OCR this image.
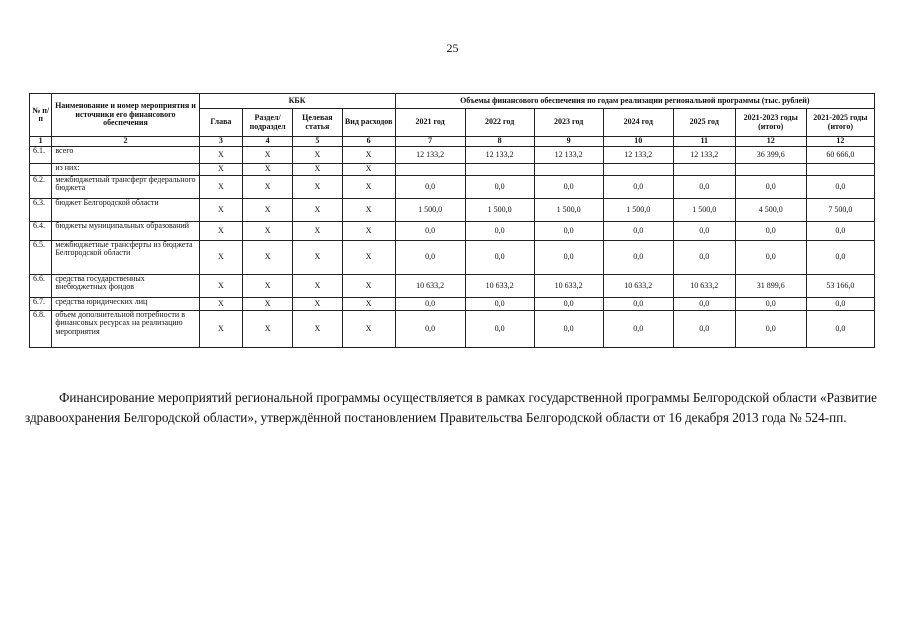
25
№ п/п	Наименование и номер мероприятия и источники его финансового обеспечения	КБК				Объемы финансового обеспечения по годам реализации региональной программы (тыс. рублей)						
		Глава	Раздел/ подраздел	Целевая статья	Вид расходов	2021 год	2022 год	2023 год	2024 год	2025 год	2021-2023 годы (итого)	2021-2025 годы (итого)
1	2	3	4	5	6	7	8	9	10	11	12	12
6.1.	всего	X	X	X	X	12 133,2	12 133,2	12 133,2	12 133,2	12 133,2	36 399,6	60 666,0
	из них:	X	X	X	X							
6.2.	межбюджетный трансферт федерального бюджета	X	X	X	X	0,0	0,0	0,0	0,0	0,0	0,0	0,0
6.3.	бюджет Белгородской области	X	X	X	X	1 500,0	1 500,0	1 500,0	1 500,0	1 500,0	4 500,0	7 500,0
6.4.	бюджеты муниципальных образований	X	X	X	X	0,0	0,0	0,0	0,0	0,0	0,0	0,0
6.5.	межбюджетные трансферты из бюджета Белгородской области	X	X	X	X	0,0	0,0	0,0	0,0	0,0	0,0	0,0
6.6.	средства государственных внебюджетных фондов	X	X	X	X	10 633,2	10 633,2	10 633,2	10 633,2	10 633,2	31 899,6	53 166,0
6.7.	средства юридических лиц	X	X	X	X	0,0	0,0	0,0	0,0	0,0	0,0	0,0
6.8.	объем дополнительной потребности в финансовых ресурсах на реализацию мероприятия	X	X	X	X	0,0	0,0	0,0	0,0	0,0	0,0	0,0
Финансирование мероприятий региональной программы осуществляется в рамках государственной программы Белгородской области «Развитие здравоохранения Белгородской области», утверждённой постановлением Правительства Белгородской области от 16 декабря 2013 года № 524-пп.
